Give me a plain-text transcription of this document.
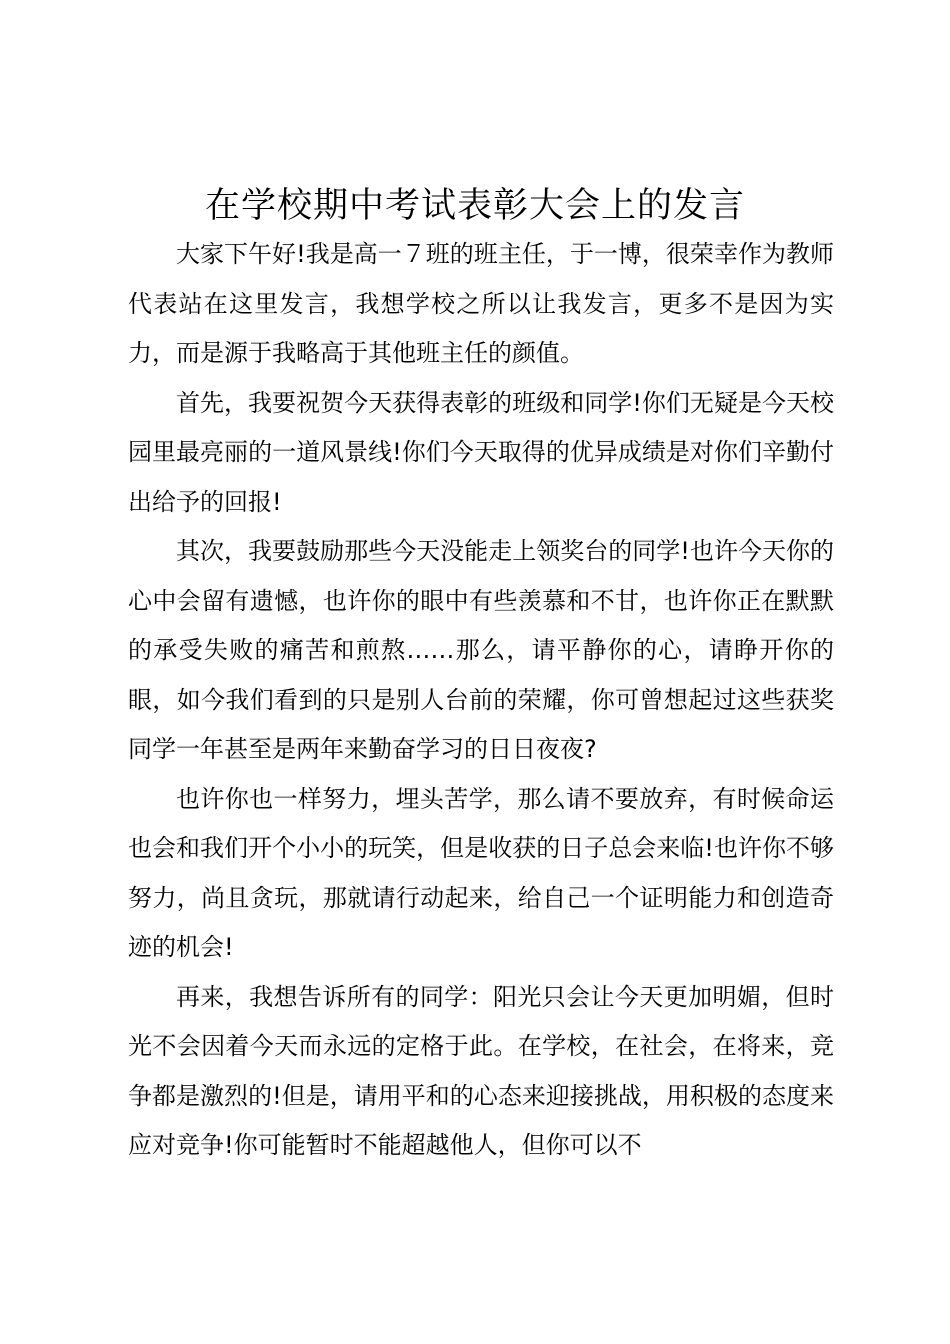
在学校期中考试表彰大会上的发言

大家下午好!我是高一７班的班主任，于一博，很荣幸作为教师代表站在这里发言，我想学校之所以让我发言，更多不是因为实力，而是源于我略高于其他班主任的颜值。

首先，我要祝贺今天获得表彰的班级和同学!你们无疑是今天校园里最亮丽的一道风景线!你们今天取得的优异成绩是对你们辛勤付出给予的回报!

其次，我要鼓励那些今天没能走上领奖台的同学!也许今天你的心中会留有遗憾，也许你的眼中有些羡慕和不甘，也许你正在默默的承受失败的痛苦和煎熬……那么，请平静你的心，请睁开你的眼，如今我们看到的只是别人台前的荣耀，你可曾想起过这些获奖同学一年甚至是两年来勤奋学习的日日夜夜?

也许你也一样努力，埋头苦学，那么请不要放弃，有时候命运也会和我们开个小小的玩笑，但是收获的日子总会来临!也许你不够努力，尚且贪玩，那就请行动起来，给自己一个证明能力和创造奇迹的机会!

再来，我想告诉所有的同学：阳光只会让今天更加明媚，但时光不会因着今天而永远的定格于此。在学校，在社会，在将来，竞争都是激烈的!但是，请用平和的心态来迎接挑战，用积极的态度来应对竞争!你可能暂时不能超越他人，但你可以不
